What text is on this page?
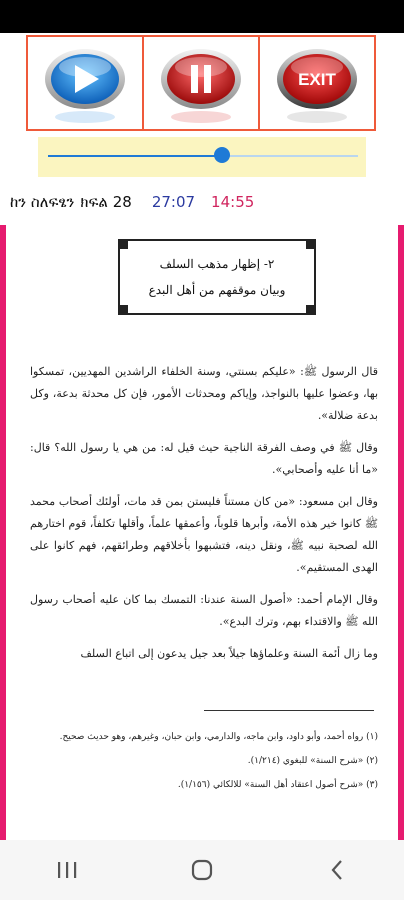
EXIT
ከን ስለፍፄን ክፍል 28 27:07 14:55
٢- إظهار مذهب السلف
وبيان موقفهم من أهل البدع

قال الرسول ﷺ: «عليكم بسنتي، وسنة الخلفاء الراشدين المهديين، تمسكوا بها، وعضوا عليها بالنواجذ، وإياكم ومحدثات الأمور، فإن كل محدثة بدعة، وكل بدعة ضلالة».

وقال ﷺ في وصف الفرقة الناجية حيث قيل له: من هي يا رسول الله؟ قال: «ما أنا عليه وأصحابي».

وقال ابن مسعود: «من كان مستناً فليستن بمن قد مات، أولئك أصحاب محمد ﷺ كانوا خير هذه الأمة، وأبرها قلوباً، وأعمقها علماً، وأقلها تكلفاً، قوم اختارهم الله لصحبة نبيه ﷺ، ونقل دينه، فتشبهوا بأخلاقهم وطرائقهم، فهم كانوا على الهدى المستقيم».

وقال الإمام أحمد: «أصول السنة عندنا: التمسك بما كان عليه أصحاب رسول الله ﷺ والاقتداء بهم، وترك البدع».

وما زال أئمة السنة وعلماؤها جيلاً بعد جيل يدعون إلى اتباع السلف

(١) رواه أحمد، وأبو داود، وابن ماجه، والدارمي، وابن حبان، وغيرهم، وهو حديث صحيح.
(٢) «شرح السنة» للبغوي (١/٢١٤).
(٣) «شرح أصول اعتقاد أهل السنة» للالكائي (١/١٥٦).
